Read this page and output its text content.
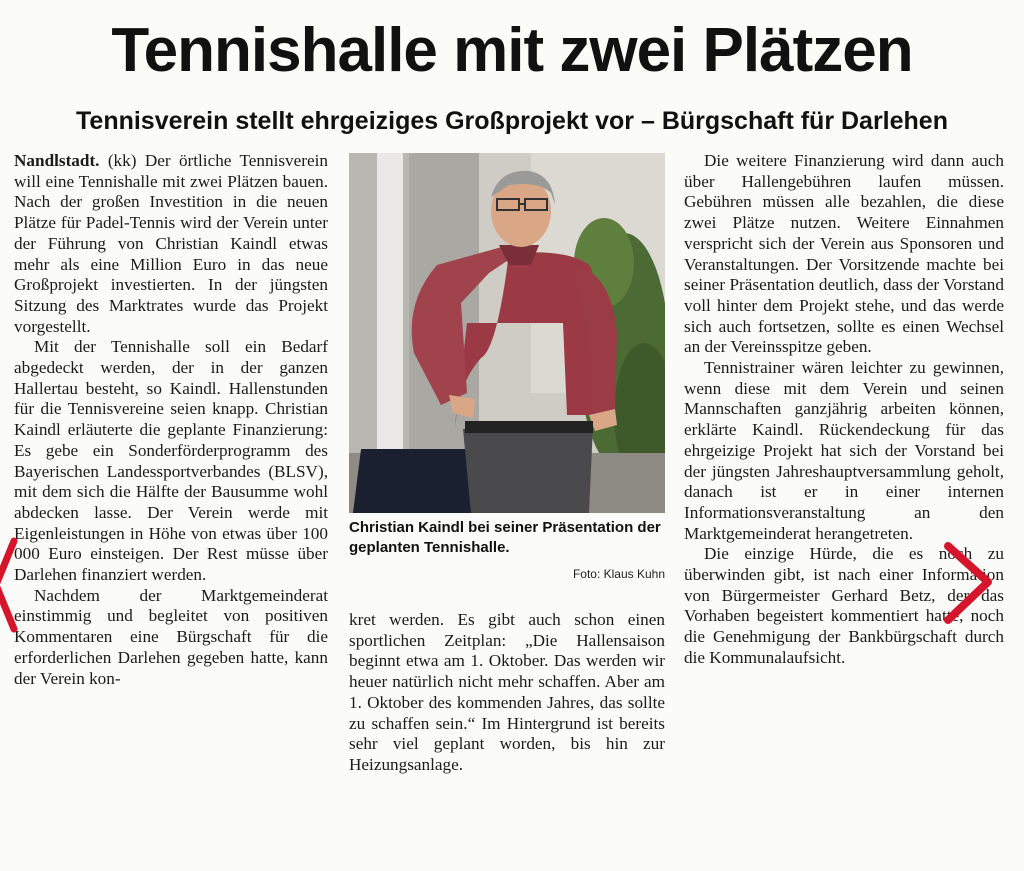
Tennishalle mit zwei Plätzen
Tennisverein stellt ehrgeiziges Großprojekt vor – Bürgschaft für Darlehen

Nandlstadt. (kk) Der örtliche Tennisverein will eine Tennishalle mit zwei Plätzen bauen. Nach der großen Investition in die neuen Plätze für Padel-Tennis wird der Verein unter der Führung von Christian Kaindl etwas mehr als eine Million Euro in das neue Großprojekt investierten. In der jüngsten Sitzung des Marktrates wurde das Projekt vorgestellt.

Mit der Tennishalle soll ein Bedarf abgedeckt werden, der in der ganzen Hallertau besteht, so Kaindl. Hallenstunden für die Tennisvereine seien knapp. Christian Kaindl erläuterte die geplante Finanzierung: Es gebe ein Sonderförderprogramm des Bayerischen Landessportverbandes (BLSV), mit dem sich die Hälfte der Bausumme wohl abdecken lasse. Der Verein werde mit Eigenleistungen in Höhe von etwas über 100 000 Euro einsteigen. Der Rest müsse über Darlehen finanziert werden.

Nachdem der Marktgemeinderat einstimmig und begleitet von positiven Kommentaren eine Bürgschaft für die erforderlichen Darlehen gegeben hatte, kann der Verein kon-

Christian Kaindl bei seiner Präsentation der geplanten Tennishalle.

Foto: Klaus Kuhn

kret werden. Es gibt auch schon einen sportlichen Zeitplan: „Die Hallensaison beginnt etwa am 1. Oktober. Das werden wir heuer natürlich nicht mehr schaffen. Aber am 1. Oktober des kommenden Jahres, das sollte zu schaffen sein.“ Im Hintergrund ist bereits sehr viel geplant worden, bis hin zur Heizungsanlage.

Die weitere Finanzierung wird dann auch über Hallengebühren laufen müssen. Gebühren müssen alle bezahlen, die diese zwei Plätze nutzen. Weitere Einnahmen verspricht sich der Verein aus Sponsoren und Veranstaltungen. Der Vorsitzende machte bei seiner Präsentation deutlich, dass der Vorstand voll hinter dem Projekt stehe, und das werde sich auch fortsetzen, sollte es einen Wechsel an der Vereinsspitze geben.

Tennistrainer wären leichter zu gewinnen, wenn diese mit dem Verein und seinen Mannschaften ganzjährig arbeiten können, erklärte Kaindl. Rückendeckung für das ehrgeizige Projekt hat sich der Vorstand bei der jüngsten Jahreshauptversammlung geholt, danach ist er in einer internen Informationsveranstaltung an den Marktgemeinderat herangetreten.

Die einzige Hürde, die es noch zu überwinden gibt, ist nach einer Information von Bürgermeister Gerhard Betz, der das Vorhaben begeistert kommentiert hatte, noch die Genehmigung der Bankbürgschaft durch die Kommunalaufsicht.
